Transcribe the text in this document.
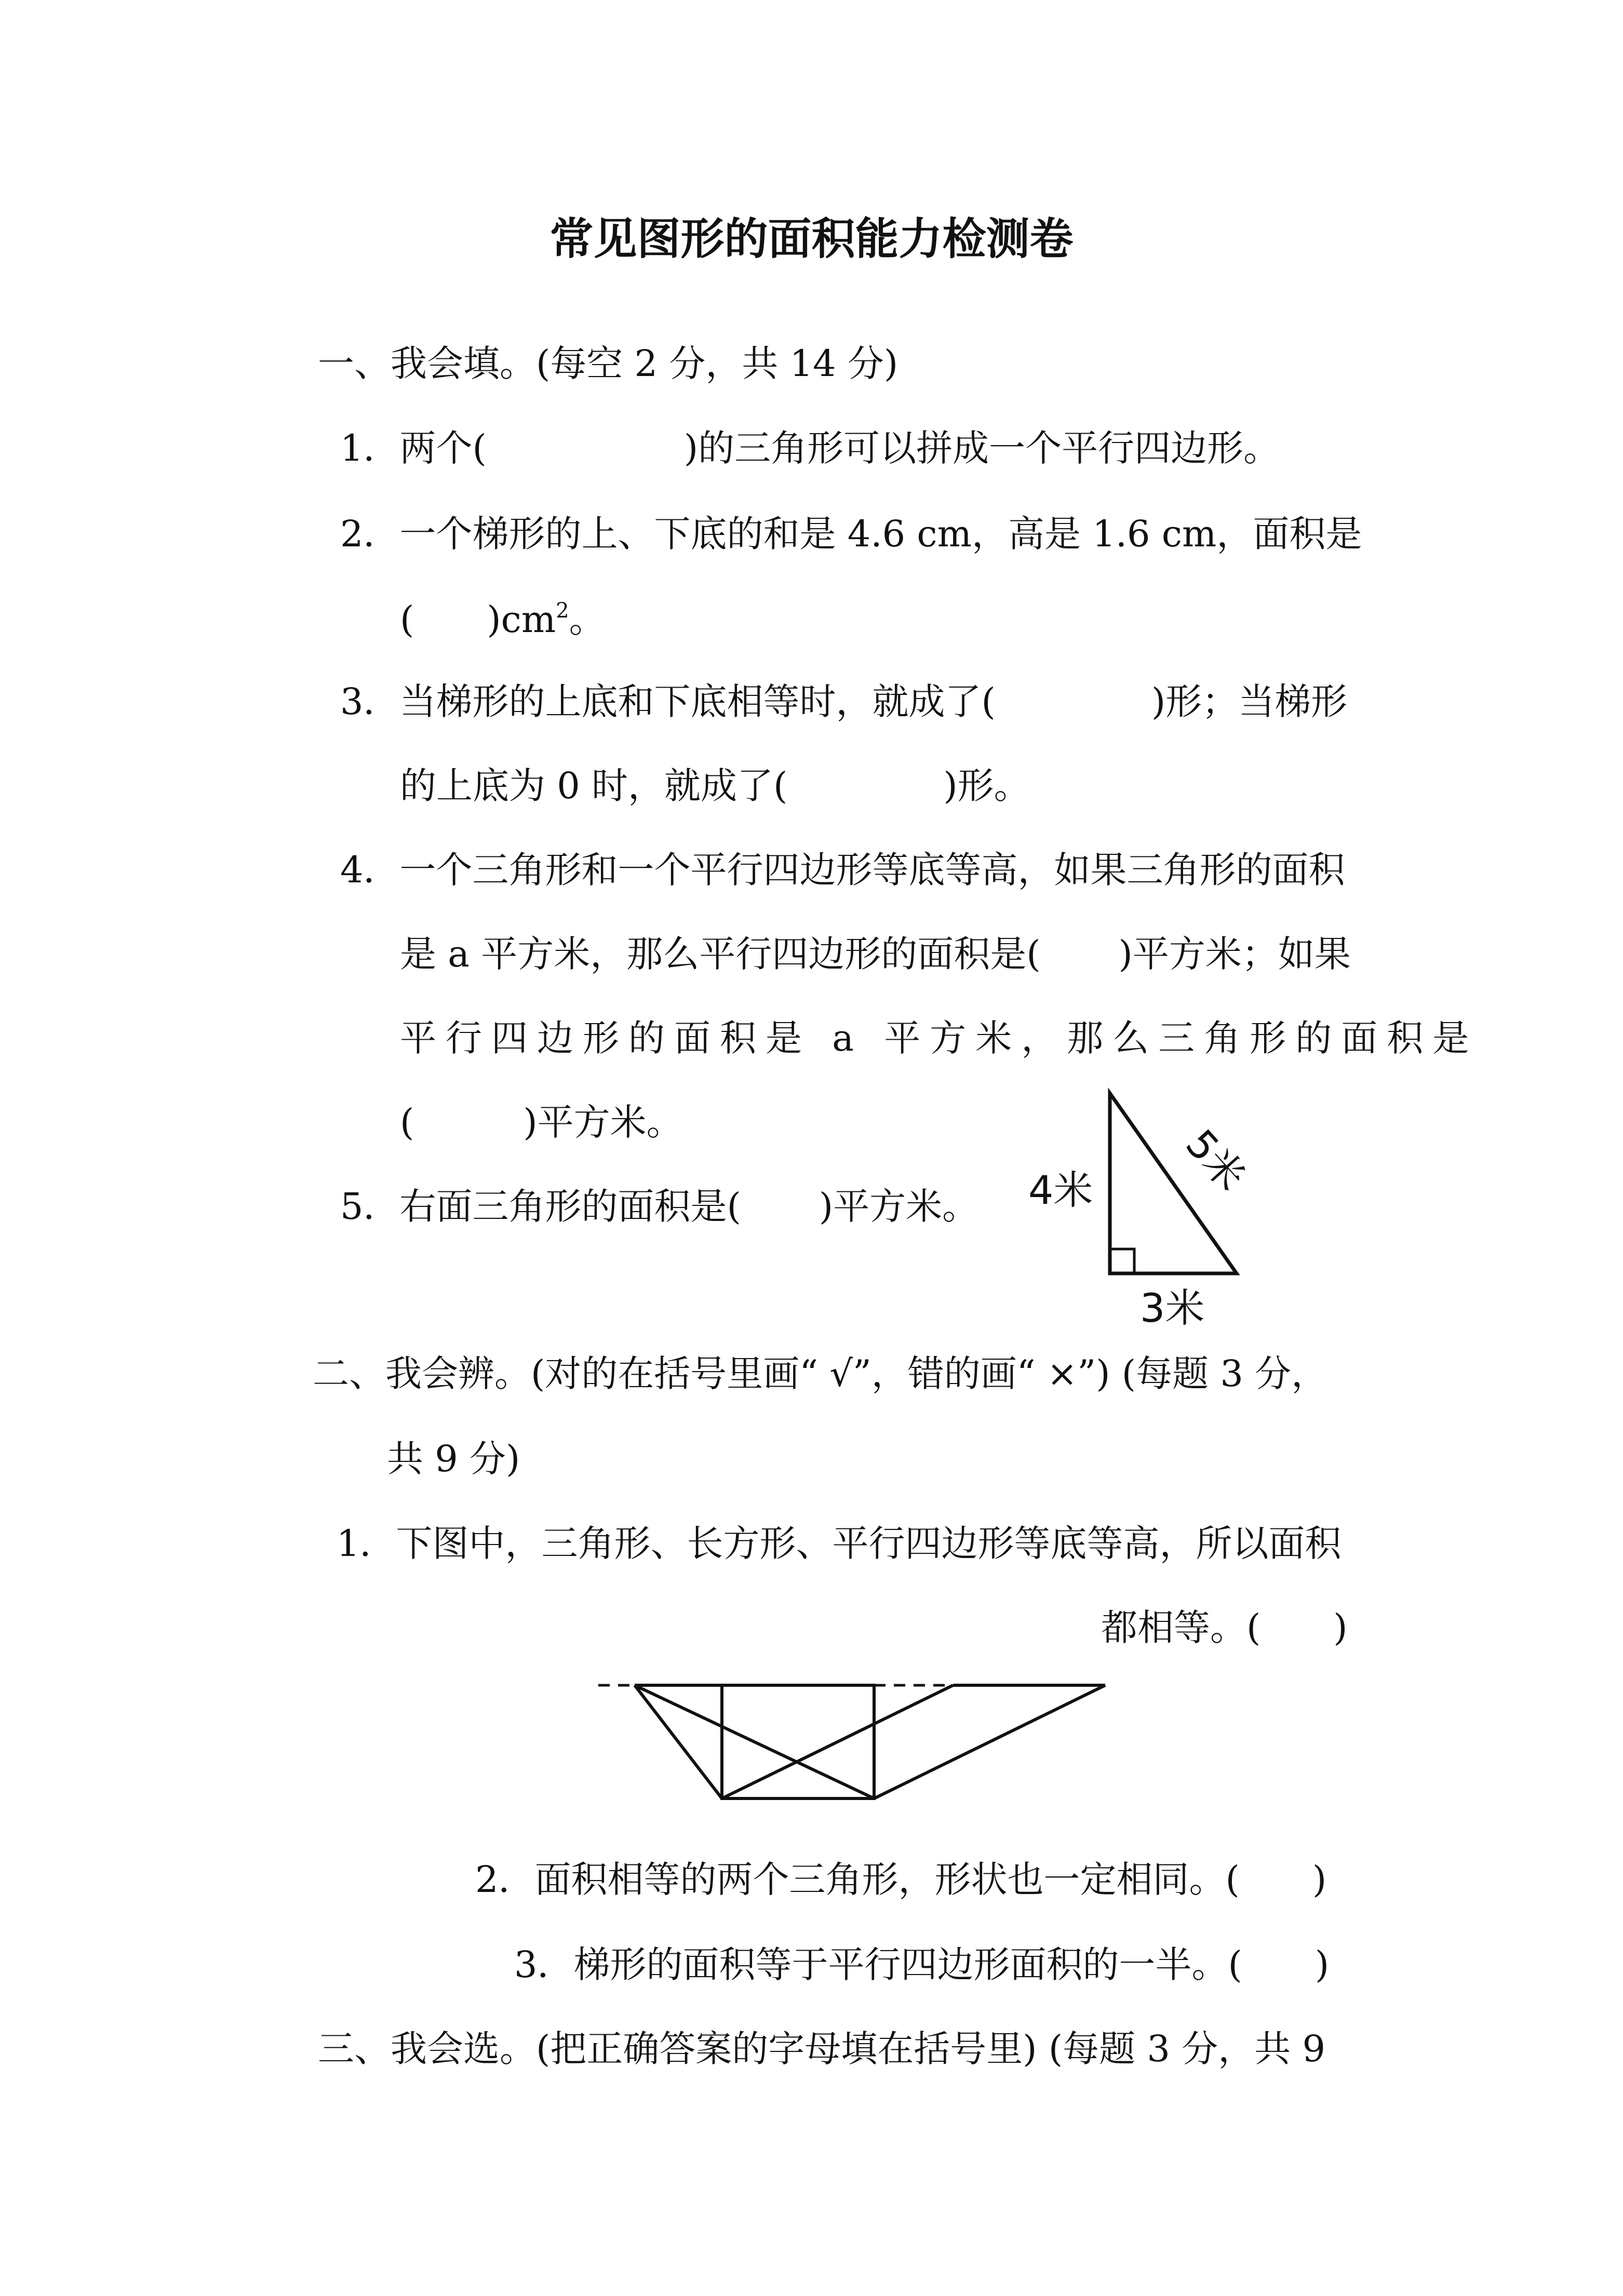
常见图形的面积能力检测卷
一、我会填。(每空 2 分，共 14 分)
1．两个(	)的三角形可以拼成一个平行四边形。
2．一个梯形的上、下底的和是 4.6 cm，高是 1.6 cm，面积是
( )$cm^2$。
3．当梯形的上底和下底相等时，就成了(	)形；当梯形
的上底为 0 时，就成了(	)形。
4．一个三角形和一个平行四边形等底等高，如果三角形的面积
是 a 平方米，那么平行四边形的面积是( )平方米；如果
平行四边形的面积是 a 平方米，那么三角形的面积是
(	)平方米。
5．右面三角形的面积是( )平方米。 4米 5米
3米
二、我会辨。(对的在括号里画“ √”，错的画“ ×”) (每题 3 分，
共 9 分)
1．下图中，三角形、长方形、平行四边形等底等高，所以面积
都相等。(　　)
2．面积相等的两个三角形，形状也一定相同。(　　)
3．梯形的面积等于平行四边形面积的一半。(　　)
三、我会选。(把正确答案的字母填在括号里) (每题 3 分，共 9
